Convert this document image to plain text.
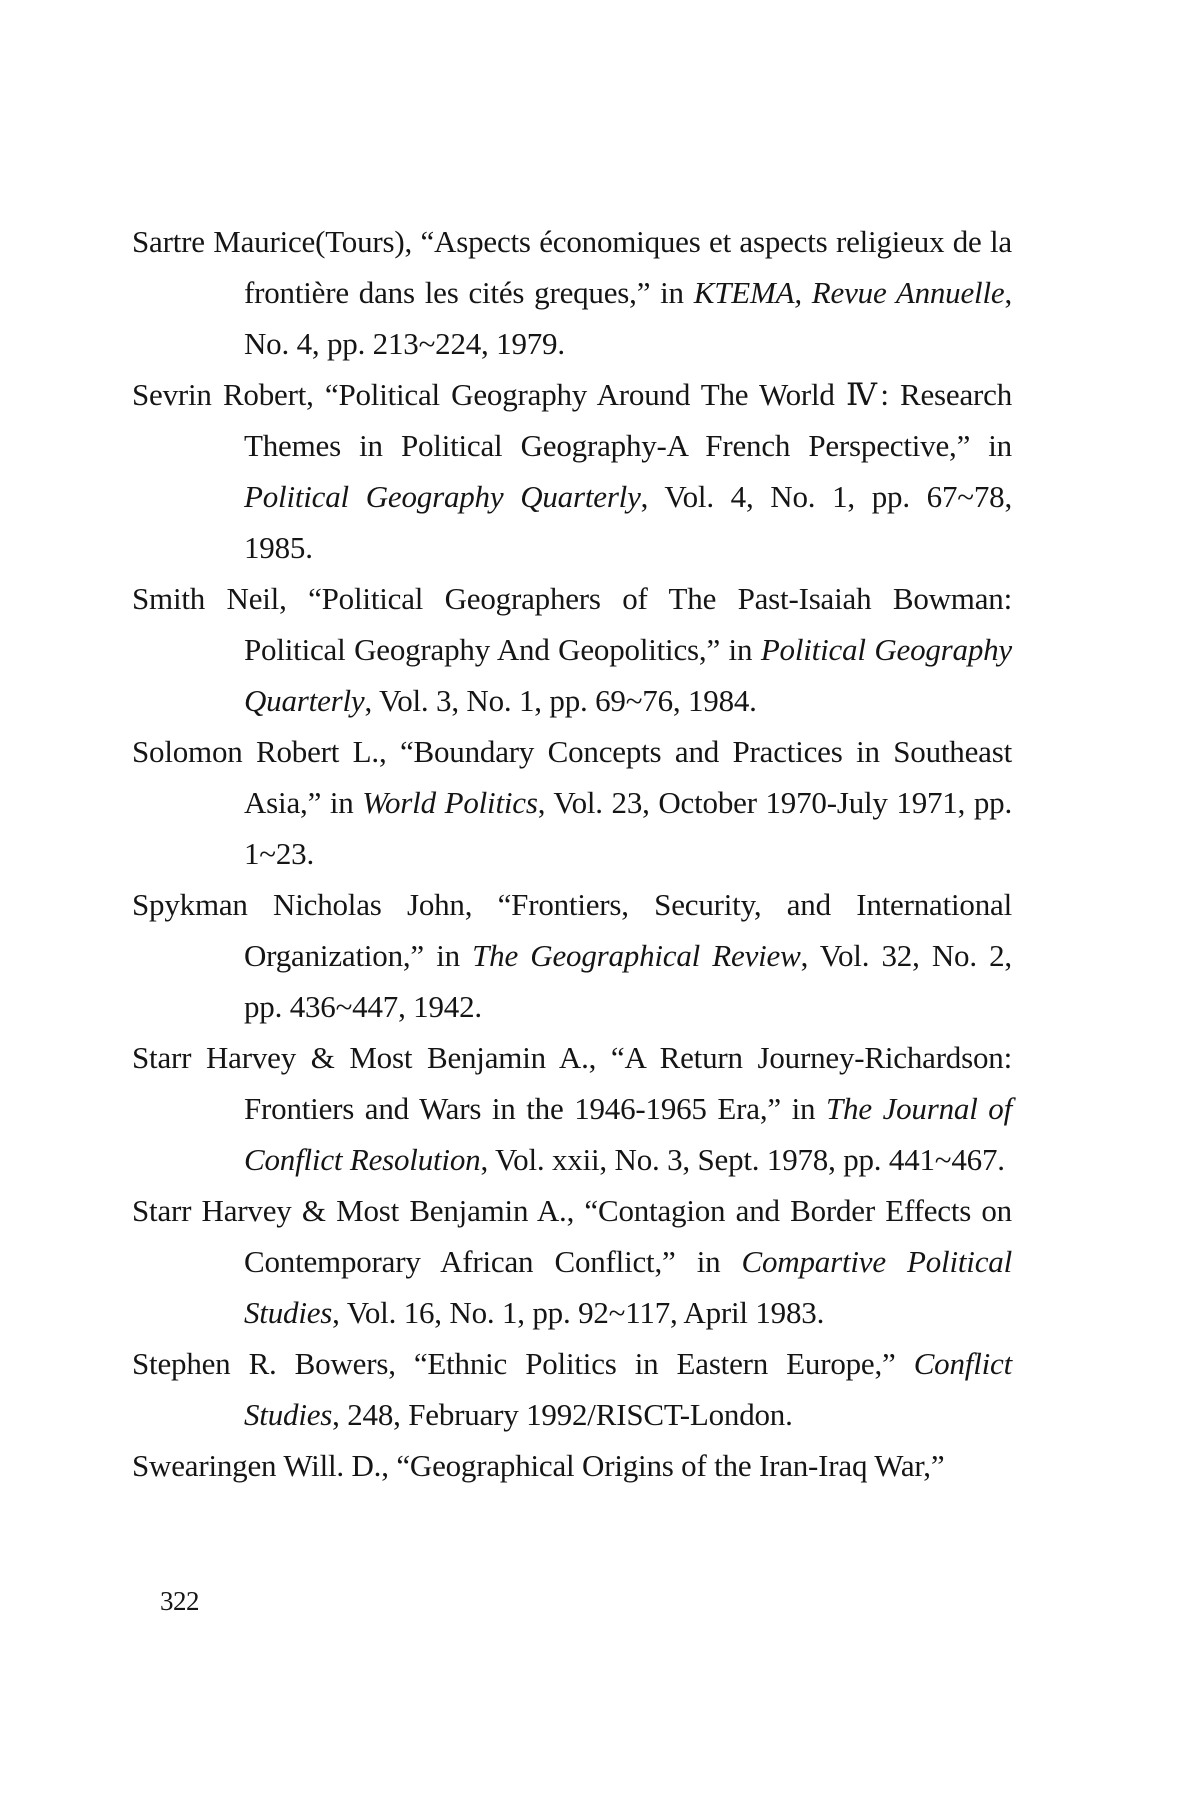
Sartre Maurice(Tours), “Aspects économiques et aspects religieux de la frontière dans les cités greques,” in KTEMA, Revue Annuelle, No. 4, pp. 213~224, 1979.

Sevrin Robert, “Political Geography Around The World Ⅳ: Research Themes in Political Geography-A French Perspective,” in Political Geography Quarterly, Vol. 4, No. 1, pp. 67~78, 1985.

Smith Neil, “Political Geographers of The Past-Isaiah Bowman: Political Geography And Geopolitics,” in Political Geography Quarterly, Vol. 3, No. 1, pp. 69~76, 1984.

Solomon Robert L., “Boundary Concepts and Practices in Southeast Asia,” in World Politics, Vol. 23, October 1970-July 1971, pp. 1~23.

Spykman Nicholas John, “Frontiers, Security, and International Organization,” in The Geographical Review, Vol. 32, No. 2, pp. 436~447, 1942.

Starr Harvey & Most Benjamin A., “A Return Journey-Richardson: Frontiers and Wars in the 1946-1965 Era,” in The Journal of Conflict Resolution, Vol. xxii, No. 3, Sept. 1978, pp. 441~467.

Starr Harvey & Most Benjamin A., “Contagion and Border Effects on Contemporary African Conflict,” in Compartive Political Studies, Vol. 16, No. 1, pp. 92~117, April 1983.

Stephen R. Bowers, “Ethnic Politics in Eastern Europe,” Conflict Studies, 248, February 1992/RISCT-London.

Swearingen Will. D., “Geographical Origins of the Iran-Iraq War,”

322
